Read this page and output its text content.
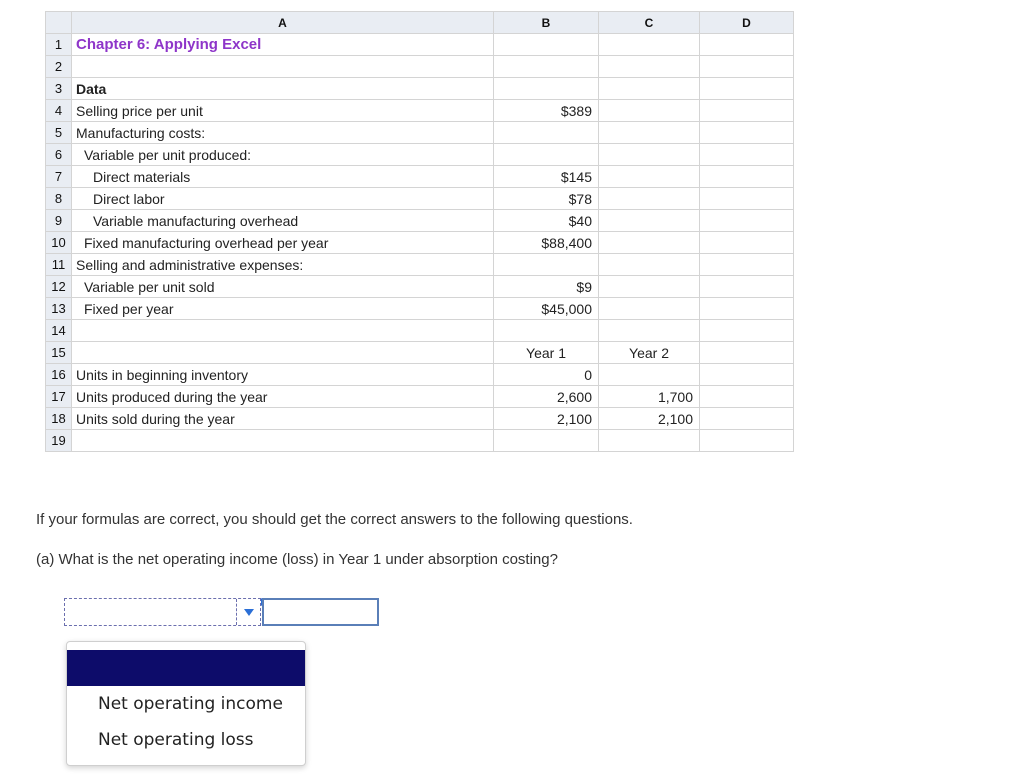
	A	B	C	D
1	Chapter 6: Applying Excel			
2				
3	Data			
4	Selling price per unit	$389		
5	Manufacturing costs:			
6	Variable per unit produced:			
7	Direct materials	$145		
8	Direct labor	$78		
9	Variable manufacturing overhead	$40		
10	Fixed manufacturing overhead per year	$88,400		
11	Selling and administrative expenses:			
12	Variable per unit sold	$9		
13	Fixed per year	$45,000		
14				
15		Year 1	Year 2	
16	Units in beginning inventory	0		
17	Units produced during the year	2,600	1,700	
18	Units sold during the year	2,100	2,100	
19				
If your formulas are correct, you should get the correct answers to the following questions.
(a) What is the net operating income (loss) in Year 1 under absorption costing?
Net operating income
Net operating loss
